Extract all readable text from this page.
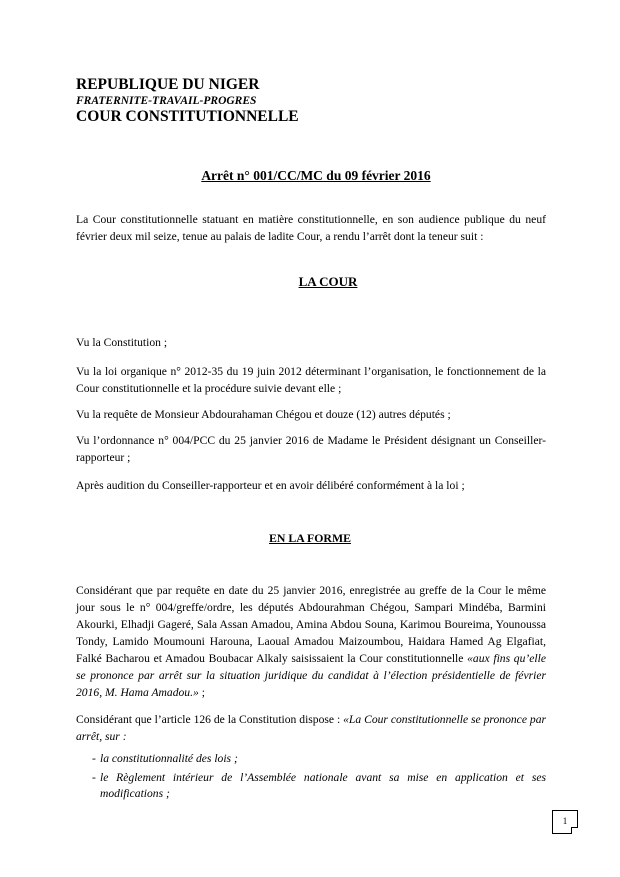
REPUBLIQUE DU NIGER
FRATERNITE-TRAVAIL-PROGRES
COUR CONSTITUTIONNELLE
Arrêt n° 001/CC/MC du 09 février 2016
La Cour constitutionnelle statuant en matière constitutionnelle, en son audience publique du neuf février deux mil seize, tenue au palais de ladite Cour, a rendu l’arrêt dont la teneur suit :
LA COUR
Vu la Constitution ;
Vu la loi organique n° 2012-35 du 19 juin 2012 déterminant l’organisation, le fonctionnement de la Cour constitutionnelle et la procédure suivie devant elle ;
Vu la requête de Monsieur Abdourahaman Chégou et douze (12) autres députés ;
Vu l’ordonnance n° 004/PCC du 25 janvier 2016 de Madame le Président désignant un Conseiller-rapporteur ;
Après audition du Conseiller-rapporteur et en avoir délibéré conformément à la loi ;
EN LA FORME
Considérant que par requête en date du 25 janvier 2016, enregistrée au greffe de la Cour le même jour sous le n° 004/greffe/ordre, les députés Abdourahman Chégou, Sampari Mindéba, Barmini Akourki, Elhadji Gageré, Sala Assan Amadou, Amina Abdou Souna, Karimou Boureima, Younoussa Tondy, Lamido Moumouni Harouna, Laoual Amadou Maizoumbou, Haidara Hamed Ag Elgafiat, Falké Bacharou et Amadou Boubacar Alkaly saisissaient la Cour constitutionnelle «aux fins qu’elle se prononce par arrêt sur la situation juridique du candidat à l’élection présidentielle de février 2016, M. Hama Amadou.» ;
Considérant que l’article 126 de la Constitution dispose : «La Cour constitutionnelle se prononce par arrêt, sur :
- la constitutionnalité des lois ;
- le Règlement intérieur de l’Assemblée nationale avant sa mise en application et ses modifications ;
1
